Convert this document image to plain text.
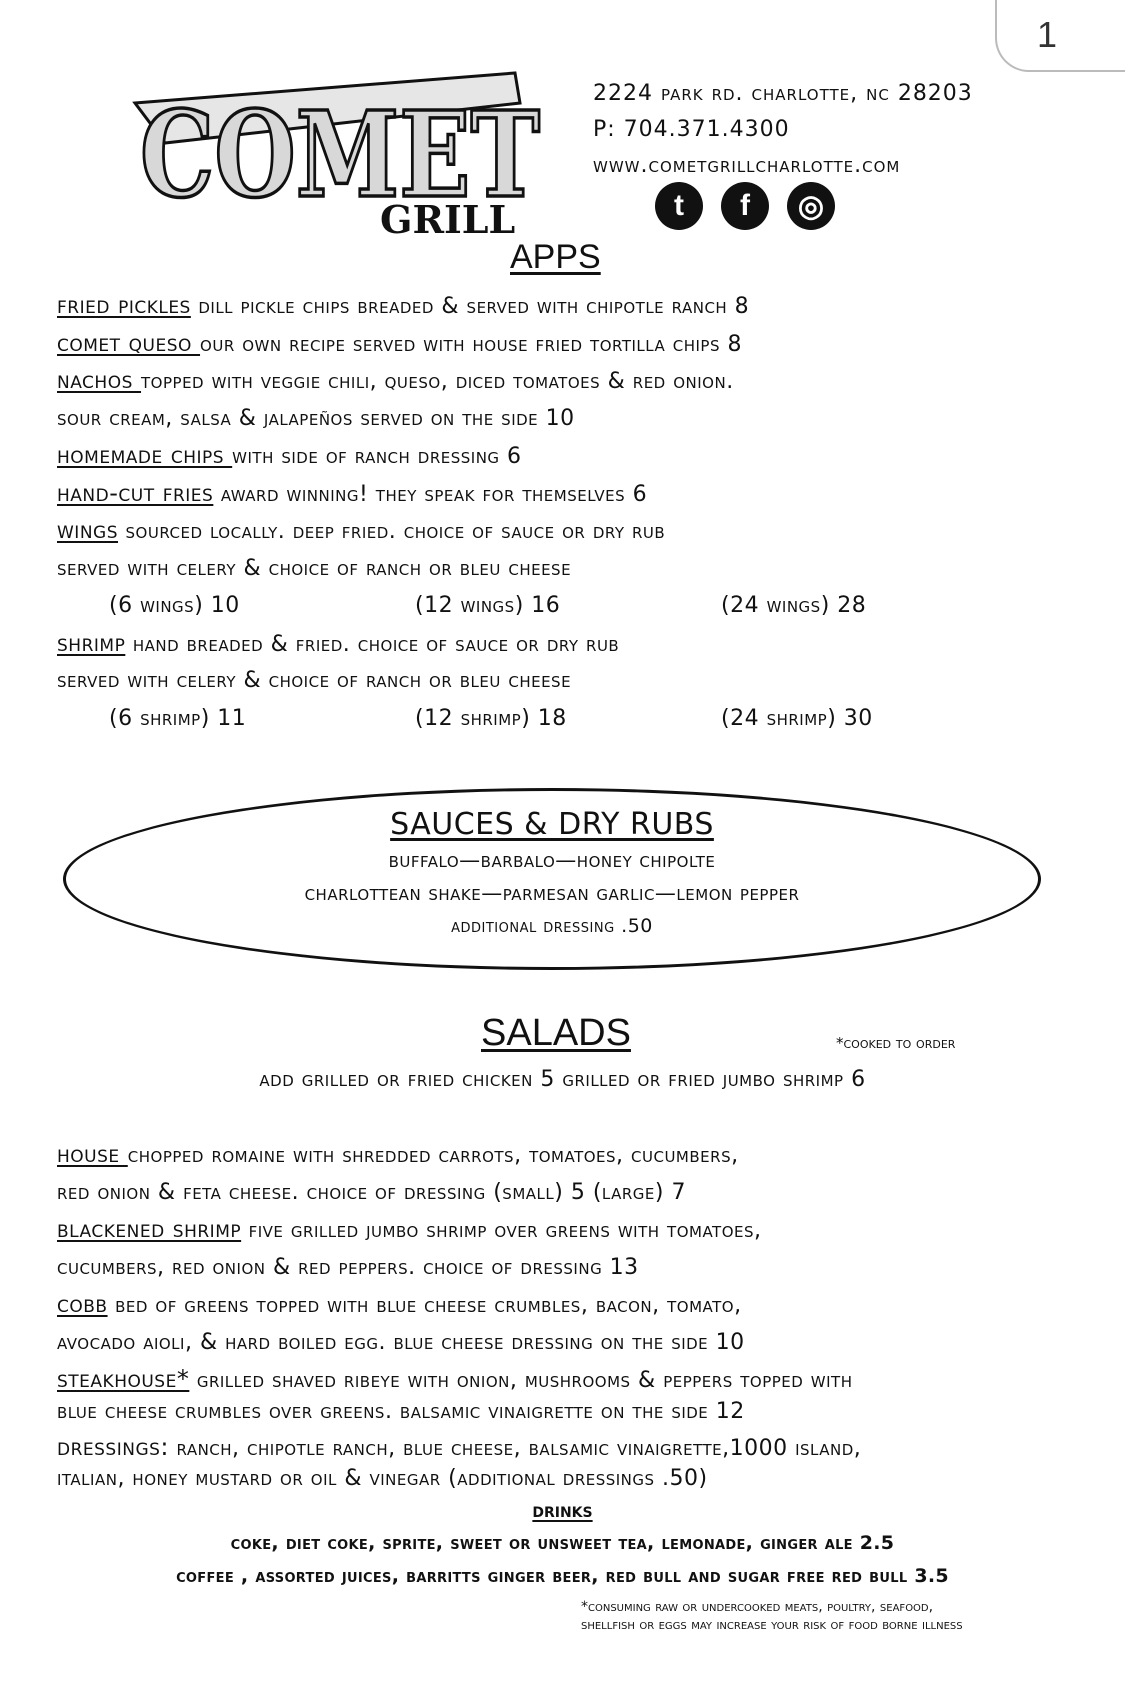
1
COMET
GRILL
2224 park rd. charlotte, nc 28203
P: 704.371.4300
www.cometgrillcharlotte.com
t	f	◎
APPS
fried pickles dill pickle chips breaded & served with chipotle ranch 8
comet queso our own recipe served with house fried tortilla chips 8
nachos topped with veggie chili, queso, diced tomatoes & red onion.
sour cream, salsa & jalapeños served on the side 10
homemade chips with side of ranch dressing 6
hand-cut fries award winning! they speak for themselves 6
wings sourced locally. deep fried. choice of sauce or dry rub
served with celery & choice of ranch or bleu cheese
(6 wings) 10	(12 wings) 16	(24 wings) 28
shrimp hand breaded & fried. choice of sauce or dry rub
served with celery & choice of ranch or bleu cheese
(6 shrimp) 11	(12 shrimp) 18	(24 shrimp) 30
SAUCES & DRY RUBS
buffalo—barbalo—honey chipolte
charlottean shake—parmesan garlic—lemon pepper
additional dressing .50
SALADS	*cooked to order
add grilled or fried chicken 5 grilled or fried jumbo shrimp 6
house chopped romaine with shredded carrots, tomatoes, cucumbers,
red onion & feta cheese. choice of dressing (small) 5 (large) 7
blackened shrimp five grilled jumbo shrimp over greens with tomatoes,
cucumbers, red onion & red peppers. choice of dressing 13
cobb bed of greens topped with blue cheese crumbles, bacon, tomato,
avocado aioli, & hard boiled egg. blue cheese dressing on the side 10
steakhouse* grilled shaved ribeye with onion, mushrooms & peppers topped with
blue cheese crumbles over greens. balsamic vinaigrette on the side 12
dressings: ranch, chipotle ranch, blue cheese, balsamic vinaigrette,1000 island,
italian, honey mustard or oil & vinegar (additional dressings .50)
drinks
coke, diet coke, sprite, sweet or unsweet tea, lemonade, ginger ale 2.5
coffee , assorted juices, barritts ginger beer, red bull and sugar free red bull 3.5
*consuming raw or undercooked meats, poultry, seafood,
shellfish or eggs may increase your risk of food borne illness
